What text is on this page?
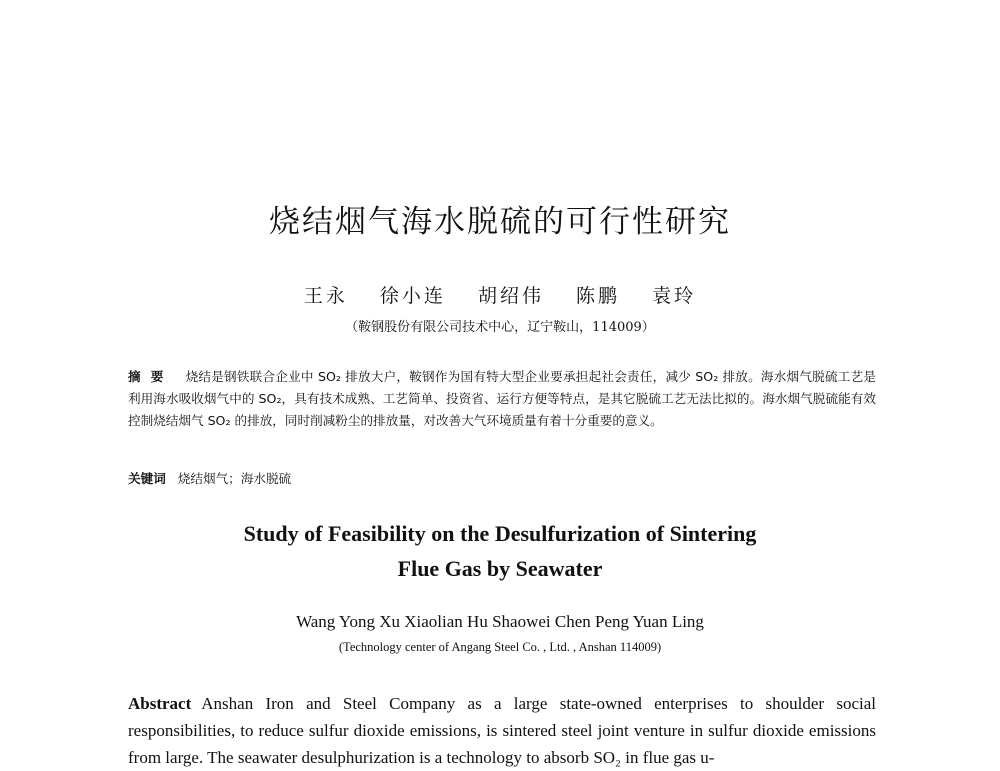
烧结烟气海水脱硫的可行性研究
王永 徐小连 胡绍伟 陈鹏 袁玲
（鞍钢股份有限公司技术中心，辽宁鞍山，114009）
摘要 烧结是钢铁联合企业中 SO₂ 排放大户，鞍钢作为国有特大型企业要承担起社会责任，减少 SO₂ 排放。海水烟气脱硫工艺是利用海水吸收烟气中的 SO₂，具有技术成熟、工艺简单、投资省、运行方便等特点，是其它脱硫工艺无法比拟的。海水烟气脱硫能有效控制烧结烟气 SO₂ 的排放，同时削减粉尘的排放量，对改善大气环境质量有着十分重要的意义。
关键词 烧结烟气；海水脱硫
Study of Feasibility on the Desulfurization of Sintering
Flue Gas by Seawater
Wang Yong Xu Xiaolian Hu Shaowei Chen Peng Yuan Ling
(Technology center of Angang Steel Co. , Ltd. , Anshan 114009)
Abstract Anshan Iron and Steel Company as a large state-owned enterprises to shoulder social responsibilities, to reduce sulfur dioxide emissions, is sintered steel joint venture in sulfur dioxide emissions from large. The seawater desulphurization is a technology to absorb SO₂ in flue gas u-
